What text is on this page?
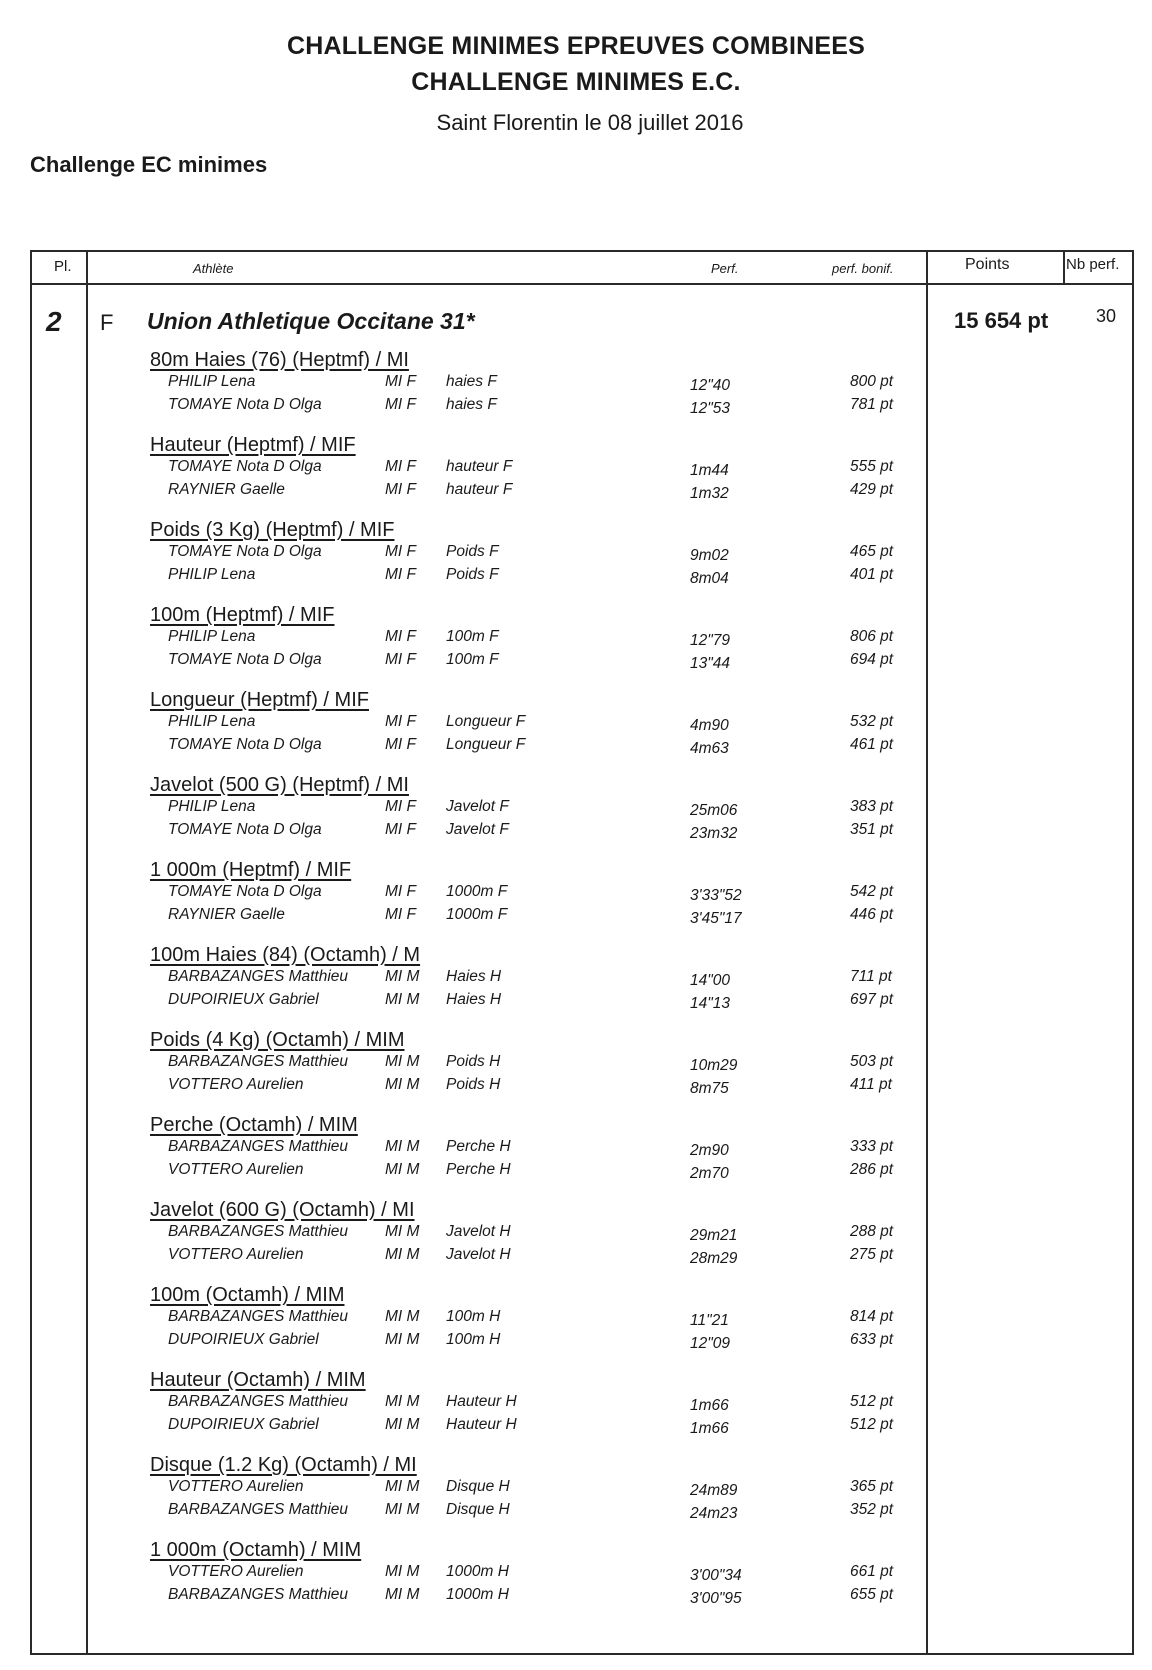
CHALLENGE MINIMES EPREUVES COMBINEES
CHALLENGE MINIMES E.C.

Saint Florentin le 08 juillet 2016

Challenge EC minimes

Pl.	Athlète	Perf.	perf. bonif.	Points	Nb perf.
2 F Union Athletique Occitane 31*	15 654 pt	30
80m Haies (76) (Heptmf) / MI
PHILIP Lena	MI F haies F	12"40	800 pt
TOMAYE Nota D Olga	MI F haies F	12"53	781 pt
Hauteur (Heptmf) / MIF
TOMAYE Nota D Olga	MI F hauteur F	1m44	555 pt
RAYNIER Gaelle	MI F hauteur F	1m32	429 pt
Poids (3 Kg) (Heptmf) / MIF
TOMAYE Nota D Olga	MI F Poids F	9m02	465 pt
PHILIP Lena	MI F Poids F	8m04	401 pt
100m (Heptmf) / MIF
PHILIP Lena	MI F 100m F	12"79	806 pt
TOMAYE Nota D Olga	MI F 100m F	13"44	694 pt
Longueur (Heptmf) / MIF
PHILIP Lena	MI F Longueur F	4m90	532 pt
TOMAYE Nota D Olga	MI F Longueur F	4m63	461 pt
Javelot (500 G) (Heptmf) / MI
PHILIP Lena	MI F Javelot F	25m06	383 pt
TOMAYE Nota D Olga	MI F Javelot F	23m32	351 pt
1 000m (Heptmf) / MIF
TOMAYE Nota D Olga	MI F 1000m F	3'33"52	542 pt
RAYNIER Gaelle	MI F 1000m F	3'45"17	446 pt
100m Haies (84) (Octamh) / M
BARBAZANGES Matthieu MI M Haies H	14"00	711 pt
DUPOIRIEUX Gabriel	MI M Haies H	14"13	697 pt
Poids (4 Kg) (Octamh) / MIM
BARBAZANGES Matthieu MI M Poids H	10m29	503 pt
VOTTERO Aurelien	MI M Poids H	8m75	411 pt
Perche (Octamh) / MIM
BARBAZANGES Matthieu MI M Perche H	2m90	333 pt
VOTTERO Aurelien	MI M Perche H	2m70	286 pt
Javelot (600 G) (Octamh) / MI
BARBAZANGES Matthieu MI M Javelot H	29m21	288 pt
VOTTERO Aurelien	MI M Javelot H	28m29	275 pt
100m (Octamh) / MIM
BARBAZANGES Matthieu MI M 100m H	11"21	814 pt
DUPOIRIEUX Gabriel	MI M 100m H	12"09	633 pt
Hauteur (Octamh) / MIM
BARBAZANGES Matthieu MI M Hauteur H	1m66	512 pt
DUPOIRIEUX Gabriel	MI M Hauteur H	1m66	512 pt
Disque (1.2 Kg) (Octamh) / MI
VOTTERO Aurelien	MI M Disque H	24m89	365 pt
BARBAZANGES Matthieu MI M Disque H	24m23	352 pt
1 000m (Octamh) / MIM
VOTTERO Aurelien	MI M 1000m H	3'00"34	661 pt
BARBAZANGES Matthieu MI M 1000m H	3'00"95	655 pt
